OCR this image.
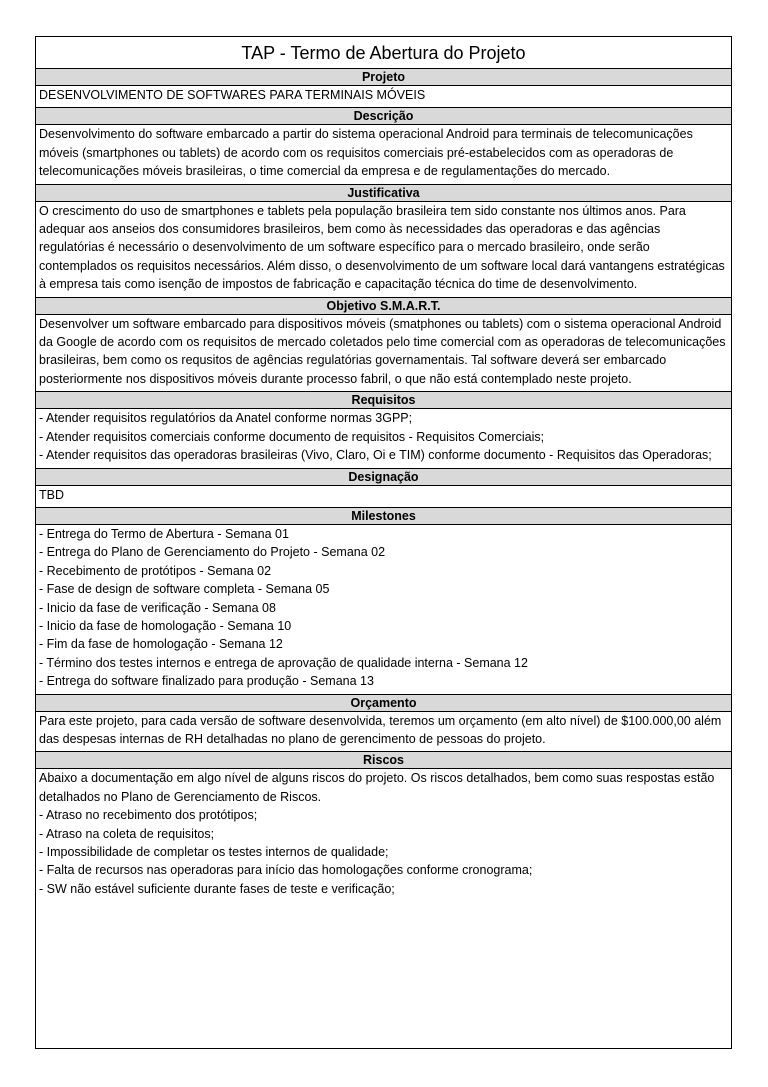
TAP - Termo de Abertura do Projeto
Projeto
DESENVOLVIMENTO DE SOFTWARES PARA TERMINAIS MÓVEIS
Descrição

Desenvolvimento do software embarcado a partir do sistema operacional Android para terminais de telecomunicações móveis (smartphones ou tablets) de acordo com os requisitos comerciais pré-estabelecidos com as operadoras de telecomunicações móveis brasileiras, o time comercial da empresa e de regulamentações do mercado.

Justificativa

O crescimento do uso de smartphones e tablets pela população brasileira tem sido constante nos últimos anos. Para adequar aos anseios dos consumidores brasileiros, bem como às necessidades das operadoras e das agências regulatórias é necessário o desenvolvimento de um software específico para o mercado brasileiro, onde serão contemplados os requisitos necessários. Além disso, o desenvolvimento de um software local dará vantangens estratégicas à empresa tais como isenção de impostos de fabricação e capacitação técnica do time de desenvolvimento.

Objetivo S.M.A.R.T.

Desenvolver um software embarcado para dispositivos móveis (smatphones ou tablets) com o sistema operacional Android da Google de acordo com os requisitos de mercado coletados pelo time comercial com as operadoras de telecomunicações brasileiras, bem como os requsitos de agências regulatórias governamentais. Tal software deverá ser embarcado posteriormente nos dispositivos móveis durante processo fabril, o que não está contemplado neste projeto.

Requisitos
- Atender requisitos regulatórios da Anatel conforme normas 3GPP;
- Atender requisitos comerciais conforme documento de requisitos - Requisitos Comerciais;
- Atender requisitos das operadoras brasileiras (Vivo, Claro, Oi e TIM) conforme documento - Requisitos das Operadoras;
Designação
TBD
Milestones
- Entrega do Termo de Abertura - Semana 01
- Entrega do Plano de Gerenciamento do Projeto - Semana 02
- Recebimento de protótipos - Semana 02
- Fase de design de software completa - Semana 05
- Inicio da fase de verificação - Semana 08
- Inicio da fase de homologação - Semana 10
- Fim da fase de homologação - Semana 12
- Término dos testes internos e entrega de aprovação de qualidade interna - Semana 12
- Entrega do software finalizado para produção - Semana 13
Orçamento

Para este projeto, para cada versão de software desenvolvida, teremos um orçamento (em alto nível) de $100.000,00 além das despesas internas de RH detalhadas no plano de gerencimento de pessoas do projeto.

Riscos
Abaixo a documentação em algo nível de alguns riscos do projeto. Os riscos detalhados, bem como suas respostas estão detalhados no Plano de Gerenciamento de Riscos.
- Atraso no recebimento dos protótipos;
- Atraso na coleta de requisitos;
- Impossibilidade de completar os testes internos de qualidade;
- Falta de recursos nas operadoras para início das homologações conforme cronograma;
- SW não estável suficiente durante fases de teste e verificação;
